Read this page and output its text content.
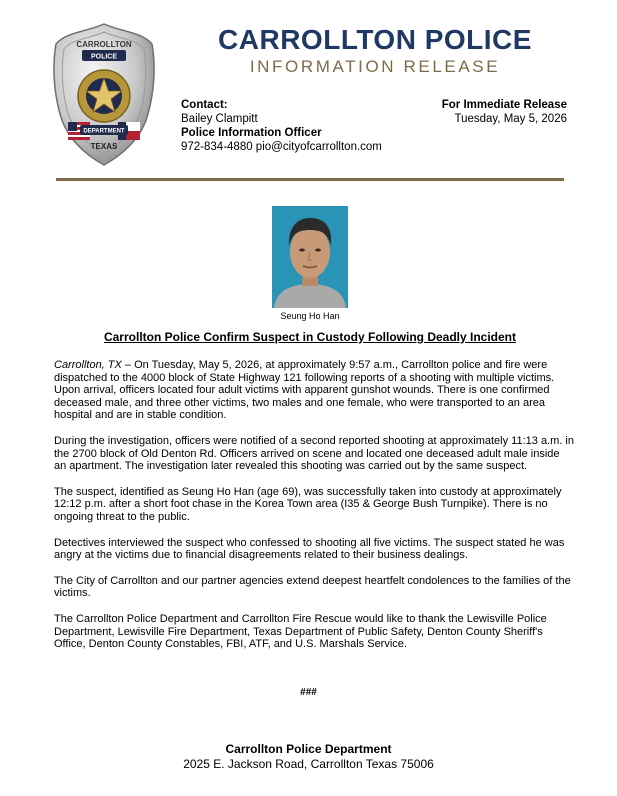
CARROLLTON
POLICE
DEPARTMENT
TEXAS
CARROLLTON POLICE
INFORMATION RELEASE
Contact:
Bailey Clampitt
Police Information Officer
972-834-4880 pio@cityofcarrollton.com
For Immediate Release
Tuesday, May 5, 2026
Seung Ho Han
Carrollton Police Confirm Suspect in Custody Following Deadly Incident

Carrollton, TX – On Tuesday, May 5, 2026, at approximately 9:57 a.m., Carrollton police and fire were dispatched to the 4000 block of State Highway 121 following reports of a shooting with multiple victims. Upon arrival, officers located four adult victims with apparent gunshot wounds. There is one confirmed deceased male, and three other victims, two males and one female, who were transported to an area hospital and are in stable condition.

During the investigation, officers were notified of a second reported shooting at approximately 11:13 a.m. in the 2700 block of Old Denton Rd. Officers arrived on scene and located one deceased adult male inside an apartment. The investigation later revealed this shooting was carried out by the same suspect.

The suspect, identified as Seung Ho Han (age 69), was successfully taken into custody at approximately 12:12 p.m. after a short foot chase in the Korea Town area (I35 & George Bush Turnpike). There is no ongoing threat to the public.

Detectives interviewed the suspect who confessed to shooting all five victims. The suspect stated he was angry at the victims due to financial disagreements related to their business dealings.

The City of Carrollton and our partner agencies extend deepest heartfelt condolences to the families of the victims.

The Carrollton Police Department and Carrollton Fire Rescue would like to thank the Lewisville Police Department, Lewisville Fire Department, Texas Department of Public Safety, Denton County Sheriff's Office, Denton County Constables, FBI, ATF, and U.S. Marshals Service.

###
Carrollton Police Department
2025 E. Jackson Road, Carrollton Texas 75006
